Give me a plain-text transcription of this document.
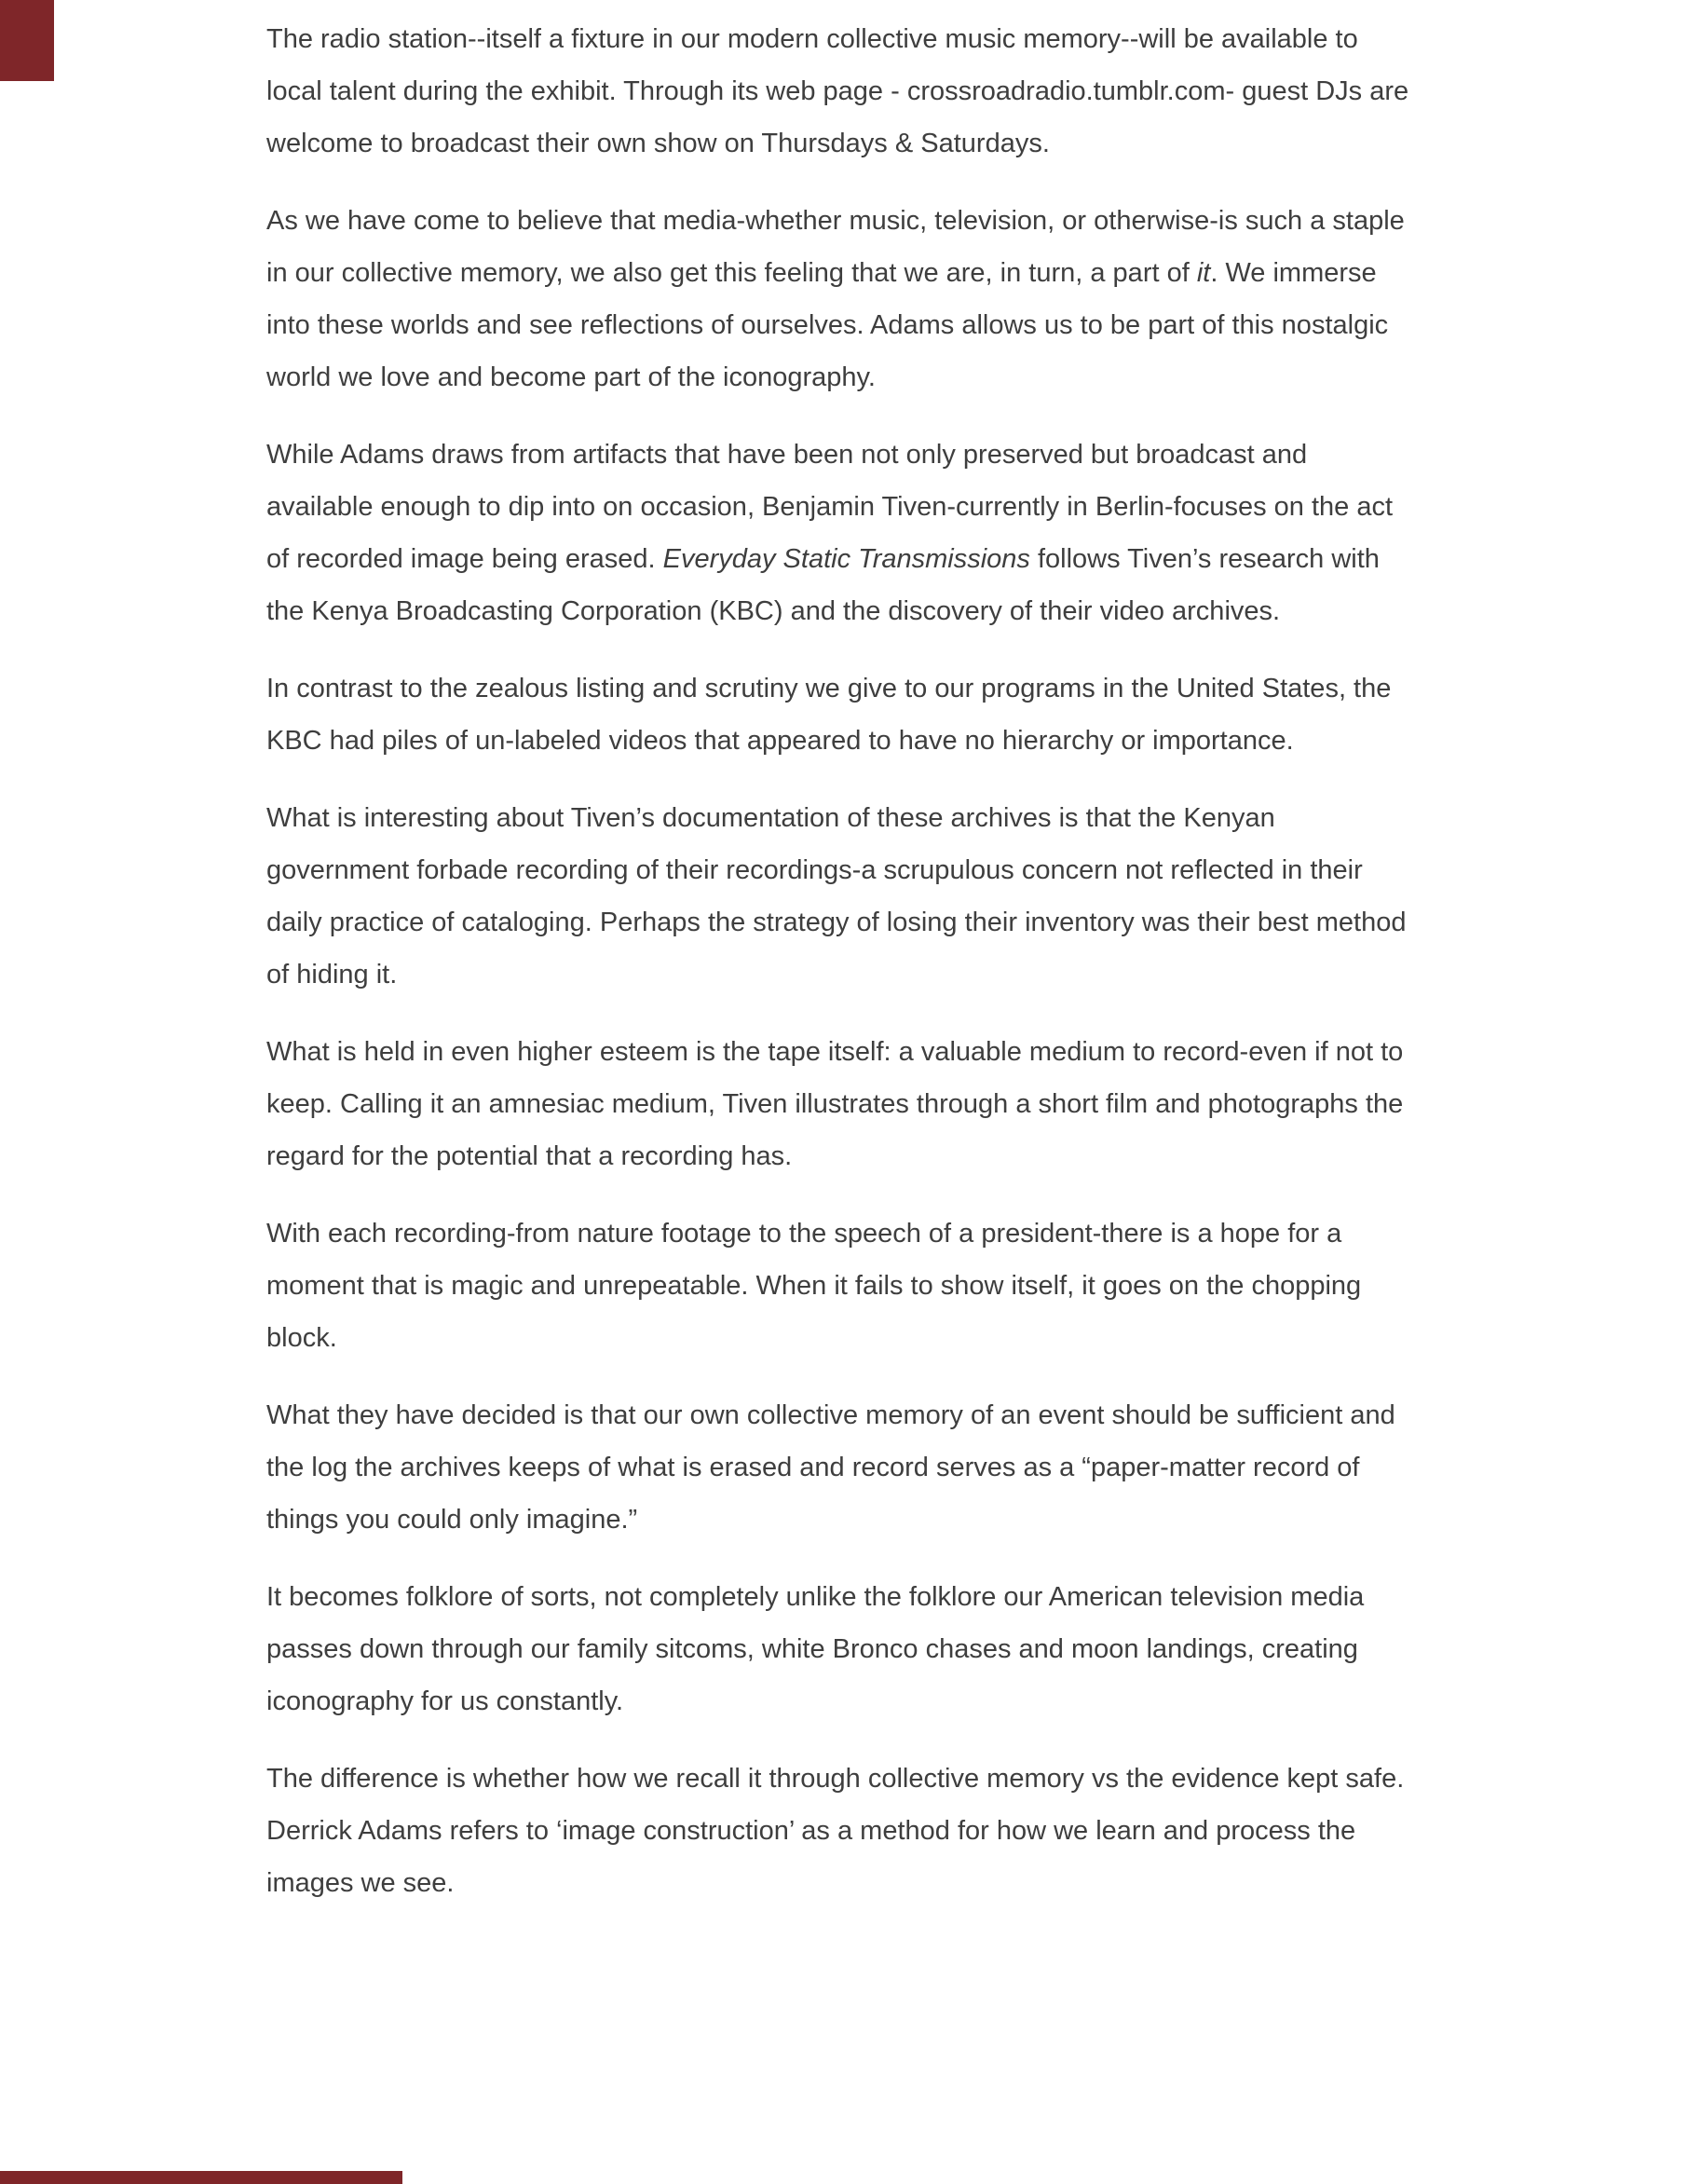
The radio station--itself a fixture in our modern collective music memory--will be available to local talent during the exhibit. Through its web page - crossroadradio.tumblr.com- guest DJs are welcome to broadcast their own show on Thursdays & Saturdays.

As we have come to believe that media-whether music, television, or otherwise-is such a staple in our collective memory, we also get this feeling that we are, in turn, a part of it. We immerse into these worlds and see reflections of ourselves. Adams allows us to be part of this nostalgic world we love and become part of the iconography.

While Adams draws from artifacts that have been not only preserved but broadcast and available enough to dip into on occasion, Benjamin Tiven-currently in Berlin-focuses on the act of recorded image being erased. Everyday Static Transmissions follows Tiven’s research with the Kenya Broadcasting Corporation (KBC) and the discovery of their video archives.

In contrast to the zealous listing and scrutiny we give to our programs in the United States, the KBC had piles of un-labeled videos that appeared to have no hierarchy or importance.

What is interesting about Tiven’s documentation of these archives is that the Kenyan government forbade recording of their recordings-a scrupulous concern not reflected in their daily practice of cataloging. Perhaps the strategy of losing their inventory was their best method of hiding it.

What is held in even higher esteem is the tape itself: a valuable medium to record-even if not to keep. Calling it an amnesiac medium, Tiven illustrates through a short film and photographs the regard for the potential that a recording has.

With each recording-from nature footage to the speech of a president-there is a hope for a moment that is magic and unrepeatable. When it fails to show itself, it goes on the chopping block.

What they have decided is that our own collective memory of an event should be sufficient and the log the archives keeps of what is erased and record serves as a “paper-matter record of things you could only imagine.”

It becomes folklore of sorts, not completely unlike the folklore our American television media passes down through our family sitcoms, white Bronco chases and moon landings, creating iconography for us constantly.

The difference is whether how we recall it through collective memory vs the evidence kept safe. Derrick Adams refers to ‘image construction’ as a method for how we learn and process the images we see.
